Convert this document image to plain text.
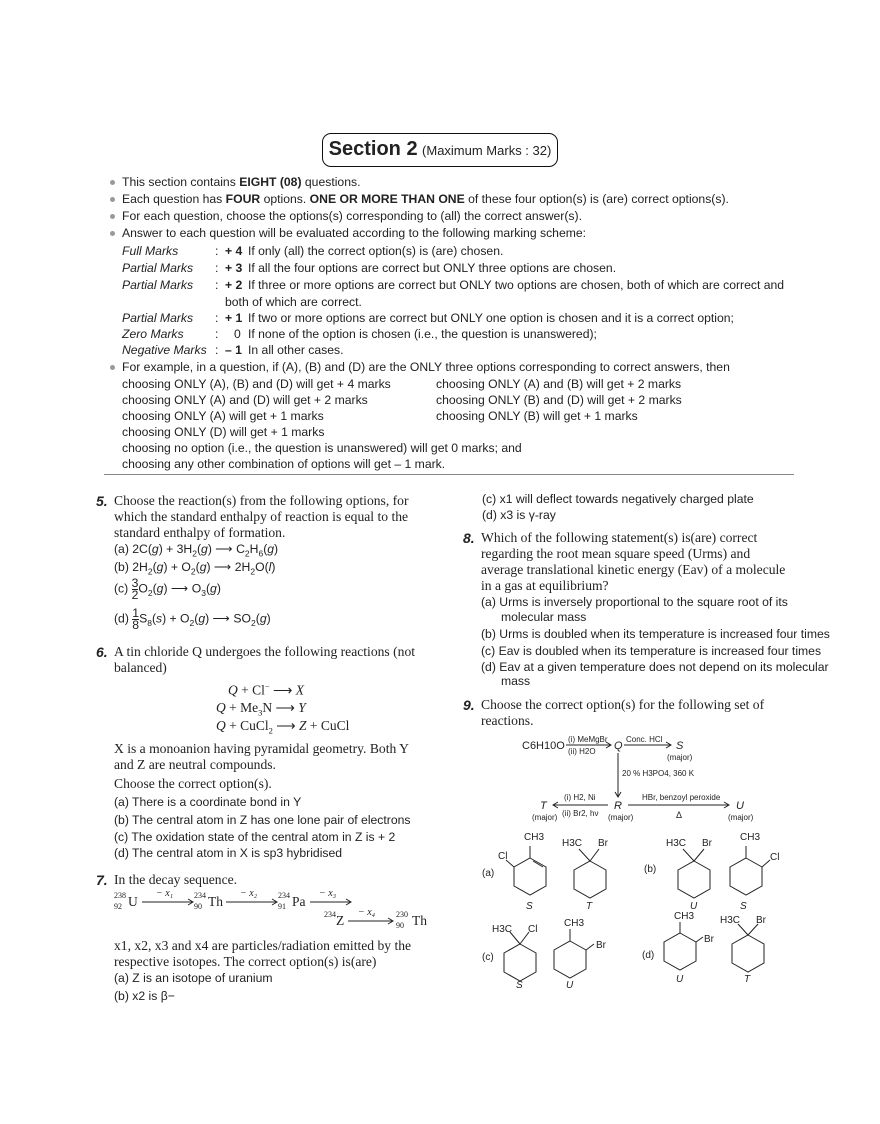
Section 2 (Maximum Marks : 32)
This section contains EIGHT (08) questions.
Each question has FOUR options. ONE OR MORE THAN ONE of these four option(s) is (are) correct options(s).
For each question, choose the options(s) corresponding to (all) the correct answer(s).
Answer to each question will be evaluated according to the following marking scheme:
Full Marks	: + 4 If only (all) the correct option(s) is (are) chosen.
Partial Marks : + 3 If all the four options are correct but ONLY three options are chosen.
Partial Marks : + 2 If three or more options are correct but ONLY two options are chosen, both of which are correct and
both of which are correct.
Partial Marks : + 1 If two or more options are correct but ONLY one option is chosen and it is a correct option;
Zero Marks	: 0 If none of the option is chosen (i.e., the question is unanswered);
Negative Marks : – 1 In all other cases.
For example, in a question, if (A), (B) and (D) are the ONLY three options corresponding to correct answers, then
choosing ONLY (A), (B) and (D) will get + 4 marks
choosing ONLY (A) and (D) will get + 2 marks
choosing ONLY (A) will get + 1 marks
choosing ONLY (D) will get + 1 marks
choosing no option (i.e., the question is unanswered) will get 0 marks; and
choosing any other combination of options will get – 1 mark.
choosing ONLY (A) and (B) will get + 2 marks
choosing ONLY (B) and (D) will get + 2 marks
choosing ONLY (B) will get + 1 marks
5. Choose the reaction(s) from the following options, for
which the standard enthalpy of reaction is equal to the
standard enthalpy of formation.
(a) $2C(g) + 3H_2(g)$ ⟶ $C_2H_6(g)$
(b) $2H_2(g) + O_2(g)$ ⟶ $2H_2O(l)$
$(c) \frac{3}{2} O_2(g)$ ⟶ $O_3(g)$
$(d) \frac{1}{8} S_8(s) + O_2(g)$ ⟶ $SO_2(g)$
6. A tin chloride Q undergoes the following reactions (not
balanced)
Q + Cl− ⟶ X
$Q + Me_3N$ ⟶ Y
Q + CuCl$_2$ ⟶ Z + CuCl
X is a monoanion having pyramidal geometry. Both Y
and Z are neutral compounds.
Choose the correct option(s).
(a) There is a coordinate bond in Y
(b) The central atom in Z has one lone pair of electrons
(c) The oxidation state of the central atom in Z is + 2
(d) The central atom in X is sp3 hybridised
7. In the decay sequence.
238
92 U
− x₁	234
90 Th
− x₂	234
91 Pa
− x₃
234 Z
− x₄	230
90 Th
x1, x2, x3 and x4 are particles/radiation emitted by the
respective isotopes. The correct option(s) is(are)
(a) Z is an isotope of uranium
(b) x2 is β−
(c) x1 will deflect towards negatively charged plate
(d) x3 is γ-ray
8. Which of the following statement(s) is(are) correct
regarding the root mean square speed (Urms) and
average translational kinetic energy (Eav) of a molecule
in a gas at equilibrium?
(a) Urms is inversely proportional to the square root of its
molecular mass
(b) Urms is doubled when its temperature is increased four times
(c) Eav is doubled when its temperature is increased four times
(d) Eav at a given temperature does not depend on its molecular
mass
9. Choose the correct option(s) for the following set of
reactions.
C6H10O
(i) MeMgBr
(ii) H2O Q
Conc. HCl
S
(major)
20 % H3PO4, 360 K
R
(major)
(i) H2, Ni
(ii) Br2, hν
T
(major)
HBr, benzoyl peroxide
Δ
U
(major)
(a)
CH3
Cl
S
H3C Br
T
(b)
H3C Br
U
CH3
Cl
S
(c)
H3C Cl
S
CH3
Br
U
(d)
CH3
Br
U
H3C Br
T
